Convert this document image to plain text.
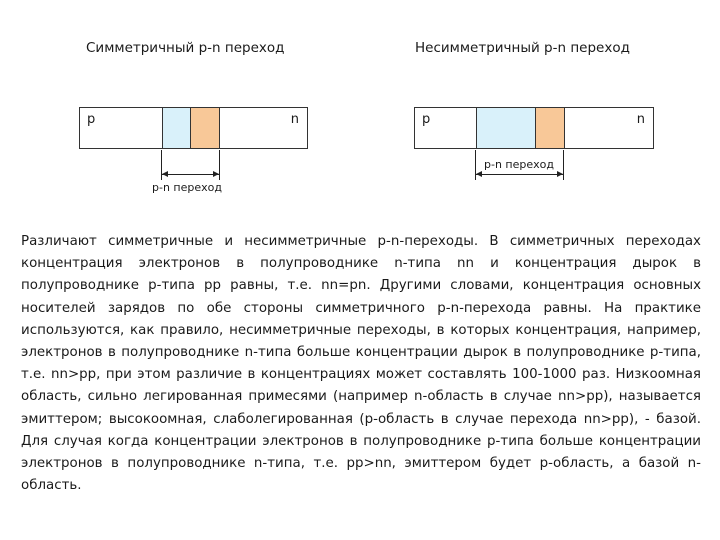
Симметричный p-n переход	Несимметричный p-n переход
p	n
p-n переход
p	n
p-n переход

Различают симметричные и несимметричные p-n-переходы. В симметричных переходах концентрация электронов в полупроводнике n-типа nn и концентрация дырок в полупроводнике p-типа pp равны, т.е. nn=pn. Другими словами, концентрация основных носителей зарядов по обе стороны симметричного p-n-перехода равны. На практике используются, как правило, несимметричные переходы, в которых концентрация, например, электронов в полупроводнике n-типа больше концентрации дырок в полупроводнике p-типа, т.е. nn>pp, при этом различие в концентрациях может составлять 100-1000 раз. Низкоомная область, сильно легированная примесями (например n-область в случае nn>pp), называется эмиттером; высокоомная, слаболегированная (p-область в случае перехода nn>pp), - базой. Для случая когда концентрации электронов в полупроводнике p-типа больше концентрации электронов в полупроводнике n-типа, т.е. pp>nn, эмиттером будет p-область, а базой n-область.
